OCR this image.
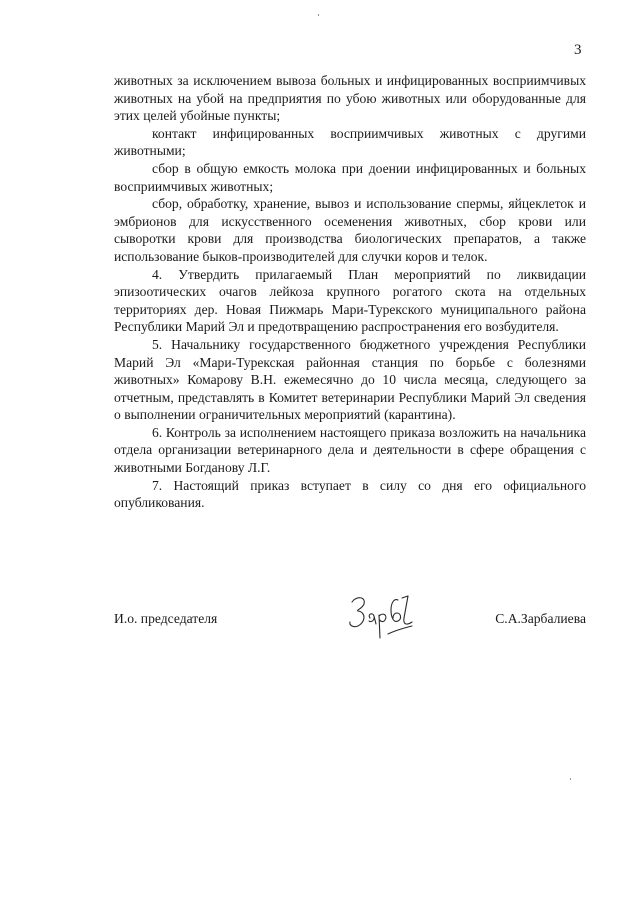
3

животных за исключением вывоза больных и инфицированных восприимчивых животных на убой на предприятия по убою животных или оборудованные для этих целей убойные пункты;

контакт инфицированных восприимчивых животных с другими животными;

сбор в общую емкость молока при доении инфицированных и больных восприимчивых животных;

сбор, обработку, хранение, вывоз и использование спермы, яйцеклеток и эмбрионов для искусственного осеменения животных, сбор крови или сыворотки крови для производства биологических препаратов, а также использование быков-производителей для случки коров и телок.

4. Утвердить прилагаемый План мероприятий по ликвидации эпизоотических очагов лейкоза крупного рогатого скота на отдельных территориях дер. Новая Пижмарь Мари-Турекского муниципального района Республики Марий Эл и предотвращению распространения его возбудителя.

5. Начальнику государственного бюджетного учреждения Республики Марий Эл «Мари-Турекская районная станция по борьбе с болезнями животных» Комарову В.Н. ежемесячно до 10 числа месяца, следующего за отчетным, представлять в Комитет ветеринарии Республики Марий Эл сведения о выполнении ограничительных мероприятий (карантина).

6. Контроль за исполнением настоящего приказа возложить на начальника отдела организации ветеринарного дела и деятельности в сфере обращения с животными Богданову Л.Г.

7. Настоящий приказ вступает в силу со дня его официального опубликования.

И.о. председателя	С.А.Зарбалиева
